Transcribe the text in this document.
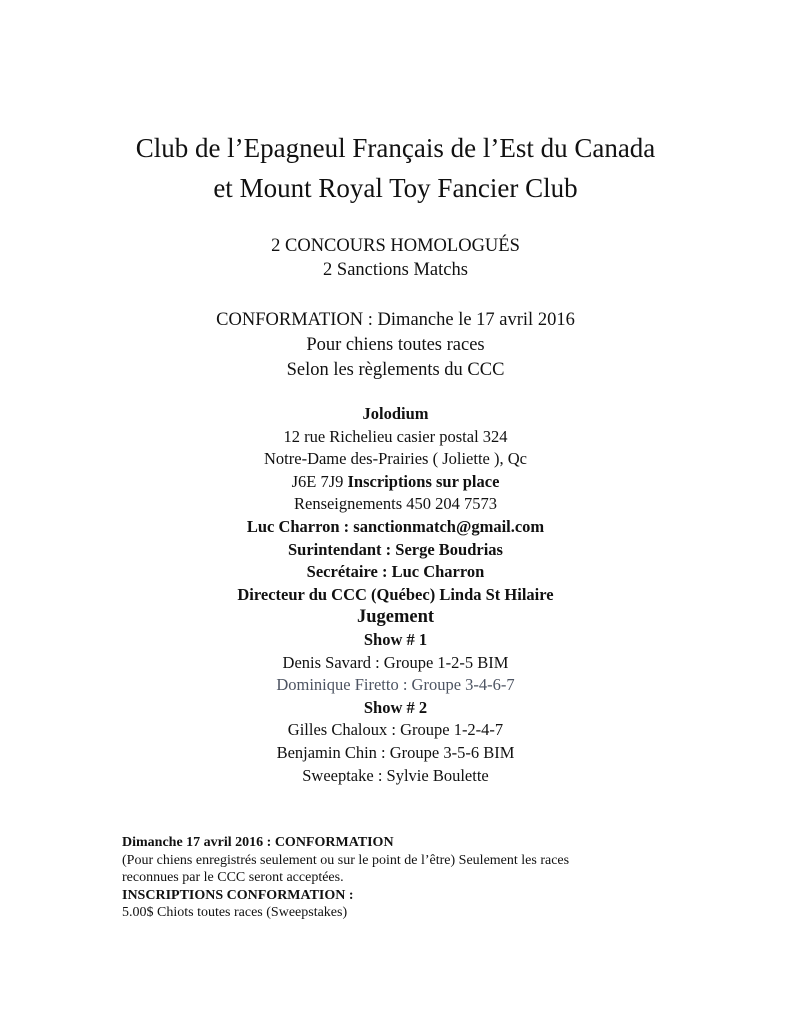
Club de l’Epagneul Français de l’Est du Canada
et Mount Royal Toy Fancier Club
2 CONCOURS HOMOLOGUÉS
2 Sanctions Matchs
CONFORMATION : Dimanche le 17 avril 2016
Pour chiens toutes races
Selon les règlements du CCC
Jolodium
12 rue Richelieu casier postal 324
Notre-Dame des-Prairies ( Joliette ), Qc
J6E 7J9 Inscriptions sur place
Renseignements 450 204 7573
Luc Charron : sanctionmatch@gmail.com
Surintendant : Serge Boudrias
Secrétaire : Luc Charron
Directeur du CCC (Québec) Linda St Hilaire
Jugement
Show # 1
Denis Savard : Groupe 1-2-5 BIM
Dominique Firetto : Groupe 3-4-6-7
Show # 2
Gilles Chaloux : Groupe 1-2-4-7
Benjamin Chin : Groupe 3-5-6 BIM
Sweeptake : Sylvie Boulette
Dimanche 17 avril 2016 : CONFORMATION
(Pour chiens enregistrés seulement ou sur le point de l’être) Seulement les races
reconnues par le CCC seront acceptées.
INSCRIPTIONS CONFORMATION :
5.00$ Chiots toutes races (Sweepstakes)
